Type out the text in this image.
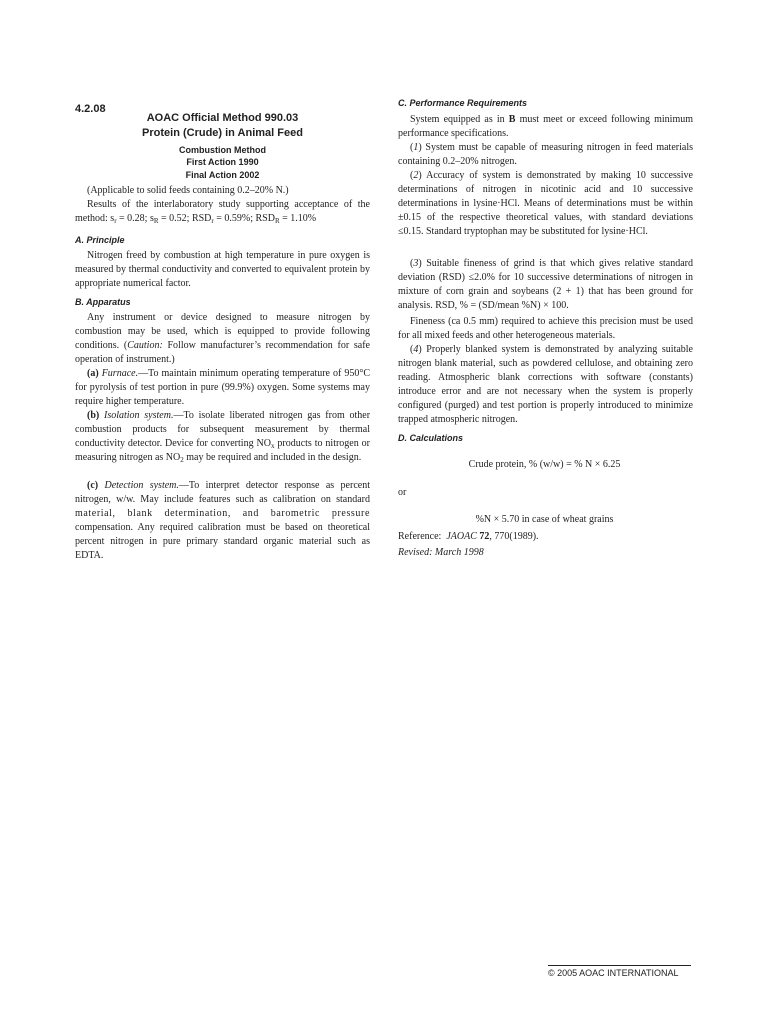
4.2.08
AOAC Official Method 990.03
Protein (Crude) in Animal Feed
Combustion Method
First Action 1990
Final Action 2002

(Applicable to solid feeds containing 0.2–20% N.)

Results of the interlaboratory study supporting acceptance of the method: $s_r = 0.28$; $s_R = 0.52$; $RSD_r = 0.59\%$; $RSD_R = 1.10\%$

A. Principle

Nitrogen freed by combustion at high temperature in pure oxygen is measured by thermal conductivity and converted to equivalent protein by appropriate numerical factor.

B. Apparatus

Any instrument or device designed to measure nitrogen by combustion may be used, which is equipped to provide following conditions. (Caution: Follow manufacturer’s recommendation for safe operation of instrument.)

(a) Furnace.—To maintain minimum operating temperature of 950°C for pyrolysis of test portion in pure (99.9%) oxygen. Some systems may require higher temperature.

(b) Isolation system.—To isolate liberated nitrogen gas from other combustion products for subsequent measurement by thermal conductivity detector. Device for converting $NO_x$ products to nitrogen or measuring nitrogen as $NO_2$ may be required and included in the design.

(c) Detection system.—To interpret detector response as percent nitrogen, w/w. May include features such as calibration on standard material, blank determination, and barometric pressure compensation. Any required calibration must be based on theoretical percent nitrogen in pure primary standard organic material such as EDTA.

C. Performance Requirements

System equipped as in B must meet or exceed following minimum performance specifications.

(1) System must be capable of measuring nitrogen in feed materials containing 0.2–20% nitrogen.

(2) Accuracy of system is demonstrated by making 10 successive determinations of nitrogen in nicotinic acid and 10 successive determinations in lysine·HCl. Means of determinations must be within ±0.15 of the respective theoretical values, with standard deviations ≤0.15. Standard tryptophan may be substituted for lysine·HCl.

(3) Suitable fineness of grind is that which gives relative standard deviation (RSD) ≤2.0% for 10 successive determinations of nitrogen in mixture of corn grain and soybeans (2 + 1) that has been ground for analysis. RSD, % = (SD/mean %N) × 100.

Fineness (ca 0.5 mm) required to achieve this precision must be used for all mixed feeds and other heterogeneous materials.

(4) Properly blanked system is demonstrated by analyzing suitable nitrogen blank material, such as powdered cellulose, and obtaining zero reading. Atmospheric blank corrections with software (constants) introduce error and are not necessary when the system is properly configured (purged) and test portion is properly introduced to minimize trapped atmospheric nitrogen.

D. Calculations
Crude protein, % (w/w) = % N × 6.25
or
%N × 5.70 in case of wheat grains
Reference:  JAOAC 72, 770(1989).
Revised: March 1998
© 2005 AOAC INTERNATIONAL
